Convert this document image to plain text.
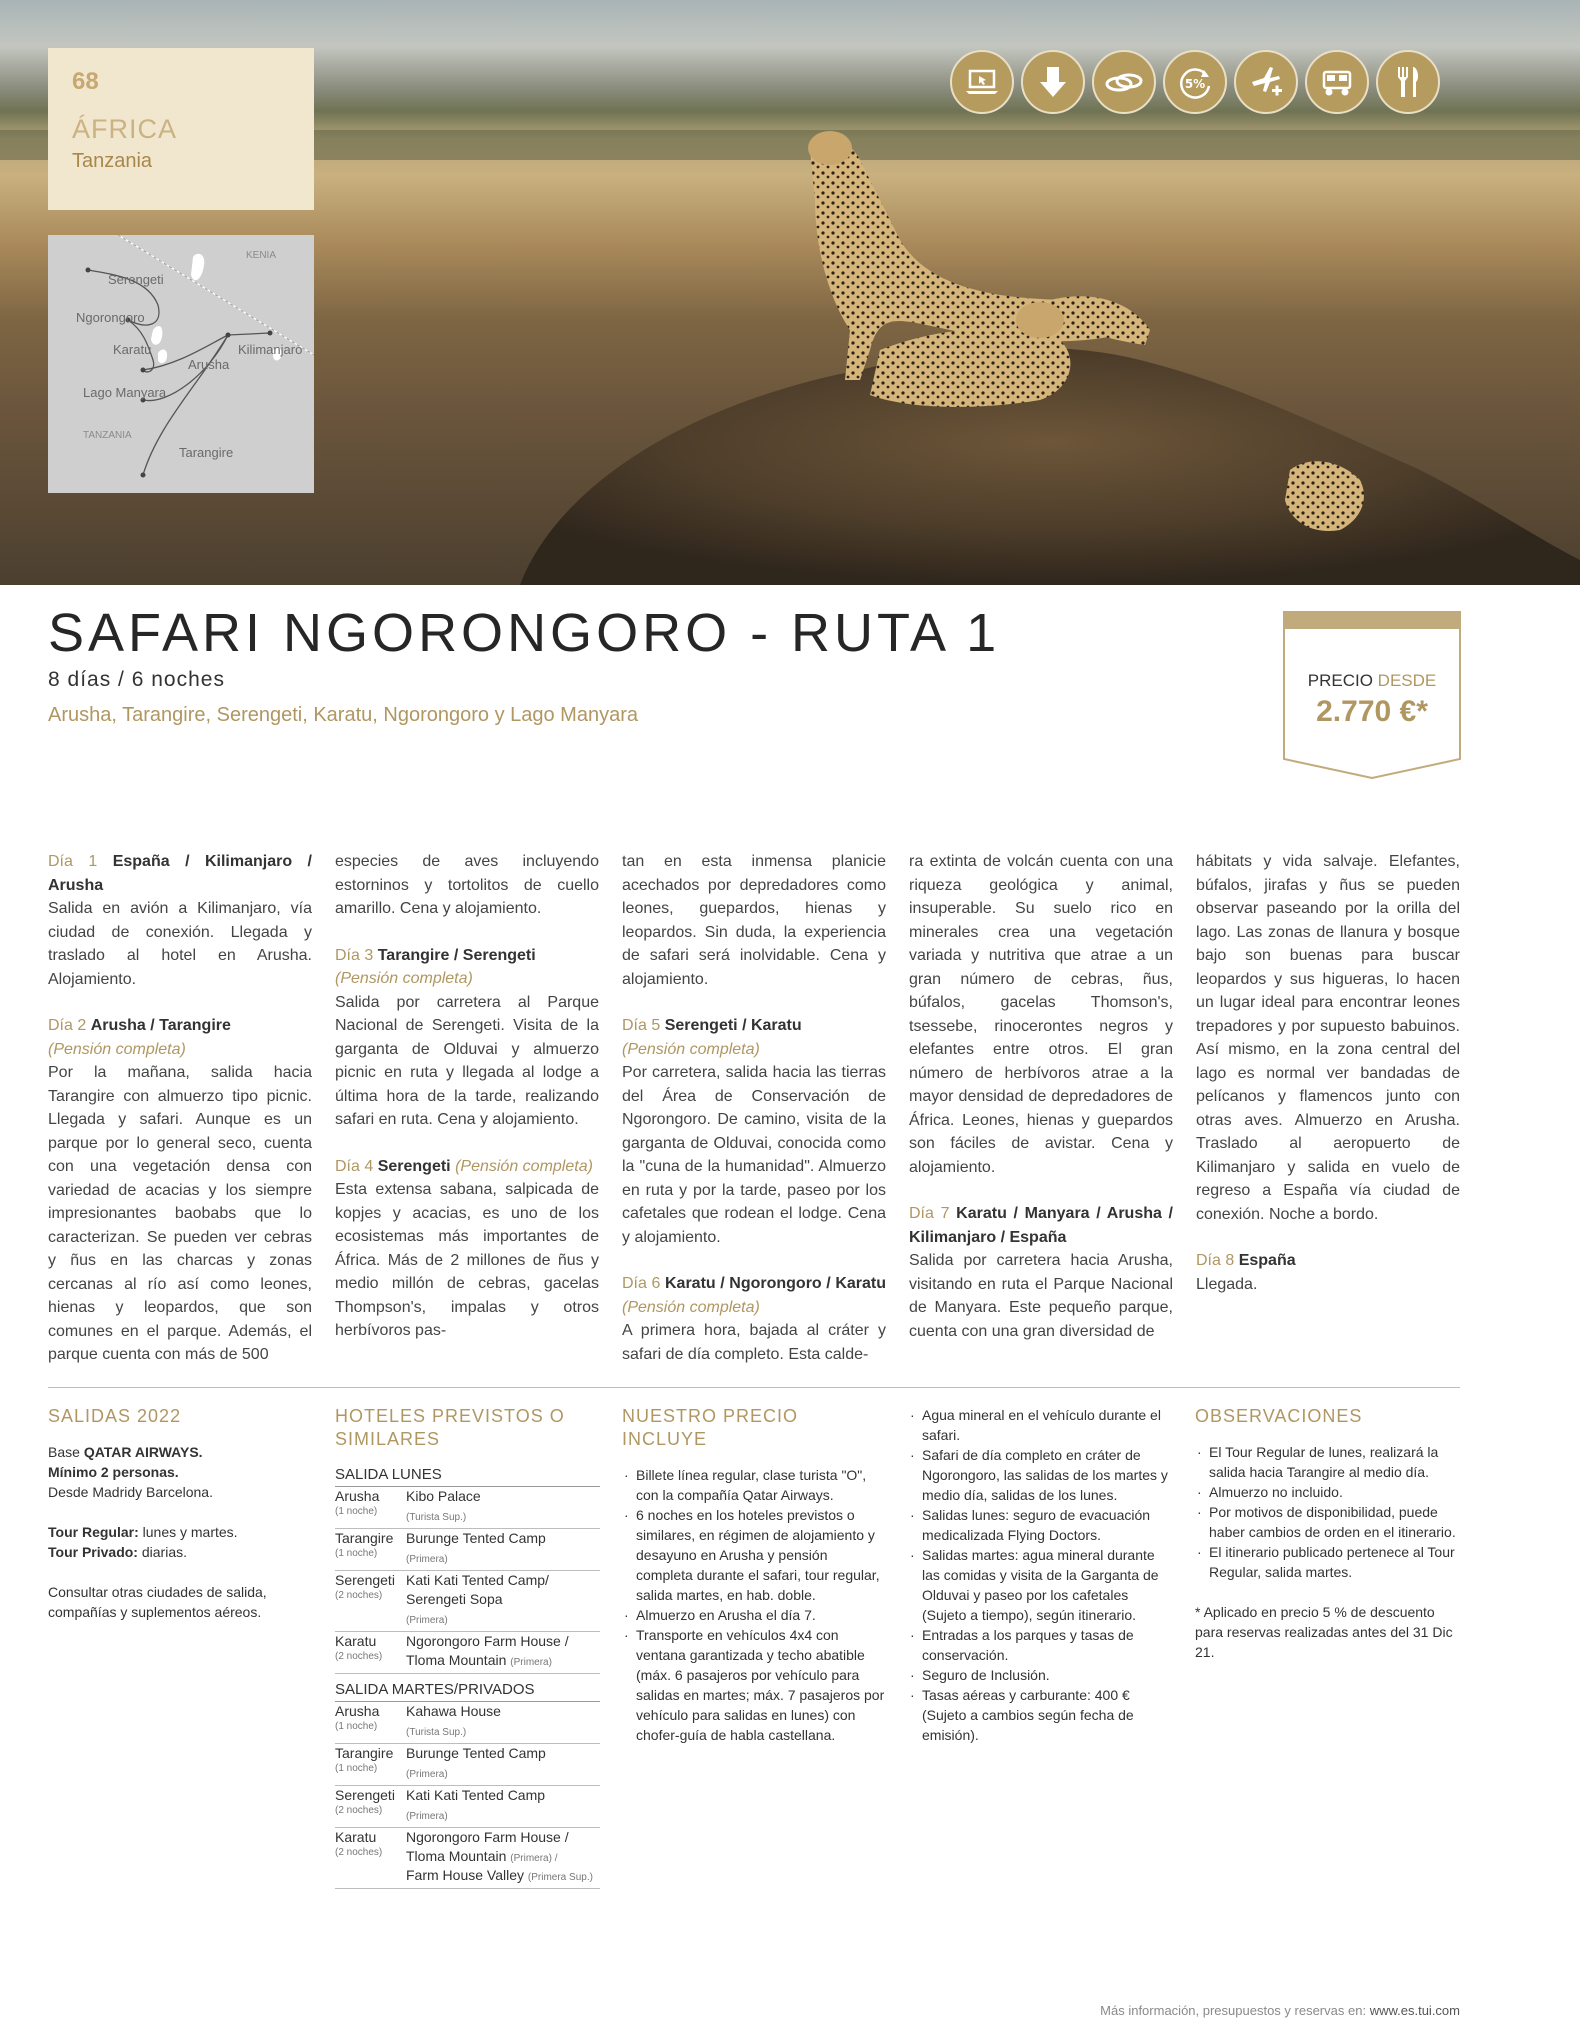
68
ÁFRICA
Tanzania
KENIA
Serengeti
Ngorongoro
Karatu
Arusha
Kilimanjaro
Lago Manyara
TANZANIA
Tarangire
5%
SAFARI NGORONGORO - RUTA 1
8 días / 6 noches
Arusha, Tarangire, Serengeti, Karatu, Ngorongoro y Lago Manyara
PRECIO DESDE
2.770 €*

Día 1 España / Kilimanjaro / Arusha
Salida en avión a Kilimanjaro, vía ciudad de conexión. Llegada y traslado al hotel en Arusha. Alojamiento.

Día 2 Arusha / Tarangire
(Pensión completa)
Por la mañana, salida hacia Tarangire con almuerzo tipo picnic. Llegada y safari. Aunque es un parque por lo general seco, cuenta con una vegetación densa con variedad de acacias y los siempre impresionantes baobabs que lo caracterizan. Se pueden ver cebras y ñus en las charcas y zonas cercanas al río así como leones, hienas y leopardos, que son comunes en el parque. Además, el parque cuenta con más de 500

especies de aves incluyendo estorninos y tortolitos de cuello amarillo. Cena y alojamiento.

Día 3 Tarangire / Serengeti
(Pensión completa)
Salida por carretera al Parque Nacional de Serengeti. Visita de la garganta de Olduvai y almuerzo picnic en ruta y llegada al lodge a última hora de la tarde, realizando safari en ruta. Cena y alojamiento.

Día 4 Serengeti (Pensión completa)
Esta extensa sabana, salpicada de kopjes y acacias, es uno de los ecosistemas más importantes de África. Más de 2 millones de ñus y medio millón de cebras, gacelas Thompson's, impalas y otros herbívoros pas-

tan en esta inmensa planicie acechados por depredadores como leones, guepardos, hienas y leopardos. Sin duda, la experiencia de safari será inolvidable. Cena y alojamiento.

Día 5 Serengeti / Karatu
(Pensión completa)
Por carretera, salida hacia las tierras del Área de Conservación de Ngorongoro. De camino, visita de la garganta de Olduvai, conocida como la "cuna de la humanidad". Almuerzo en ruta y por la tarde, paseo por los cafetales que rodean el lodge. Cena y alojamiento.

Día 6 Karatu / Ngorongoro / Karatu (Pensión completa)
A primera hora, bajada al cráter y safari de día completo. Esta calde-

ra extinta de volcán cuenta con una riqueza geológica y animal, insuperable. Su suelo rico en minerales crea una vegetación variada y nutritiva que atrae a un gran número de cebras, ñus, búfalos, gacelas Thomson's, tsessebe, rinocerontes negros y elefantes entre otros. El gran número de herbívoros atrae a la mayor densidad de depredadores de África. Leones, hienas y guepardos son fáciles de avistar. Cena y alojamiento.

Día 7 Karatu / Manyara / Arusha / Kilimanjaro / España
Salida por carretera hacia Arusha, visitando en ruta el Parque Nacional de Manyara. Este pequeño parque, cuenta con una gran diversidad de

hábitats y vida salvaje. Elefantes, búfalos, jirafas y ñus se pueden observar paseando por la orilla del lago. Las zonas de llanura y bosque bajo son buenas para buscar leopardos y sus higueras, lo hacen un lugar ideal para encontrar leones trepadores y por supuesto babuinos. Así mismo, en la zona central del lago es normal ver bandadas de pelícanos y flamencos junto con otras aves. Almuerzo en Arusha. Traslado al aeropuerto de Kilimanjaro y salida en vuelo de regreso a España vía ciudad de conexión. Noche a bordo.

Día 8 España
Llegada.

SALIDAS 2022

Base QATAR AIRWAYS.

Mínimo 2 personas.

Desde Madridy Barcelona.

Tour Regular: lunes y martes.

Tour Privado: diarias.

Consultar otras ciudades de salida, compañías y suplementos aéreos.

HOTELES PREVISTOS O SIMILARES
SALIDA LUNES
Arusha
(1 noche)
Kibo Palace
(Turista Sup.)
Tarangire
(1 noche)
Burunge Tented Camp
(Primera)
Serengeti
(2 noches)
Kati Kati Tented Camp/
Serengeti Sopa
(Primera)
Karatu
(2 noches)
Ngorongoro Farm House /
Tloma Mountain (Primera)
SALIDA MARTES/PRIVADOS
Arusha
(1 noche)
Kahawa House
(Turista Sup.)
Tarangire
(1 noche)
Burunge Tented Camp
(Primera)
Serengeti
(2 noches)
Kati Kati Tented Camp
(Primera)
Karatu
(2 noches)
Ngorongoro Farm House /
Tloma Mountain (Primera) /
Farm House Valley (Primera Sup.)
NUESTRO PRECIO INCLUYE
· Billete línea regular, clase turista "O", con la compañía Qatar Airways.
· 6 noches en los hoteles previstos o similares, en régimen de alojamiento y desayuno en Arusha y pensión completa durante el safari, tour regular, salida martes, en hab. doble.
· Almuerzo en Arusha el día 7.
· Transporte en vehículos 4x4 con ventana garantizada y techo abatible (máx. 6 pasajeros por vehículo para salidas en martes; máx. 7 pasajeros por vehículo para salidas en lunes) con chofer-guía de habla castellana.
· Agua mineral en el vehículo durante el safari.
· Safari de día completo en cráter de Ngorongoro, las salidas de los martes y medio día, salidas de los lunes.
· Salidas lunes: seguro de evacuación medicalizada Flying Doctors.
· Salidas martes: agua mineral durante las comidas y visita de la Garganta de Olduvai y paseo por los cafetales (Sujeto a tiempo), según itinerario.
· Entradas a los parques y tasas de conservación.
· Seguro de Inclusión.
· Tasas aéreas y carburante: 400 € (Sujeto a cambios según fecha de emisión).
OBSERVACIONES
· El Tour Regular de lunes, realizará la salida hacia Tarangire al medio día.
· Almuerzo no incluido.
· Por motivos de disponibilidad, puede haber cambios de orden en el itinerario.
· El itinerario publicado pertenece al Tour Regular, salida martes.

* Aplicado en precio 5 % de descuento para reservas realizadas antes del 31 Dic 21.

Más información, presupuestos y reservas en: www.es.tui.com
